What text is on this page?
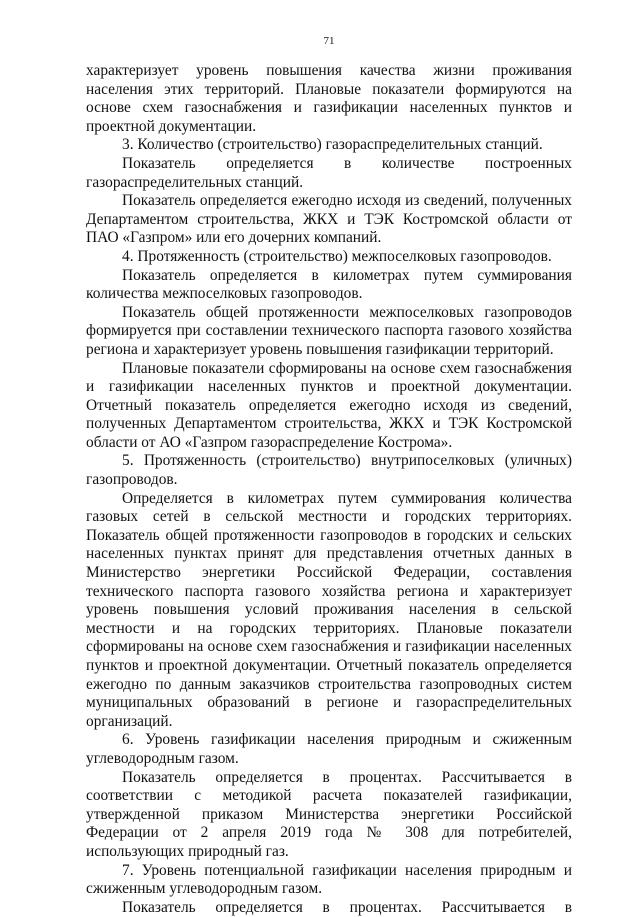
71

характеризует уровень повышения качества жизни проживания населения этих территорий. Плановые показатели формируются на основе схем газоснабжения и газификации населенных пунктов и проектной документации.

3. Количество (строительство) газораспределительных станций.

Показатель определяется в количестве построенных газораспределительных станций.

Показатель определяется ежегодно исходя из сведений, полученных Департаментом строительства, ЖКХ и ТЭК Костромской области от ПАО «Газпром» или его дочерних компаний.

4. Протяженность (строительство) межпоселковых газопроводов.

Показатель определяется в километрах путем суммирования количества межпоселковых газопроводов.

Показатель общей протяженности межпоселковых газопроводов формируется при составлении технического паспорта газового хозяйства региона и характеризует уровень повышения газификации территорий.

Плановые показатели сформированы на основе схем газоснабжения и газификации населенных пунктов и проектной документации. Отчетный показатель определяется ежегодно исходя из сведений, полученных Департаментом строительства, ЖКХ и ТЭК Костромской области от АО «Газпром газораспределение Кострома».

5. Протяженность (строительство) внутрипоселковых (уличных) газопроводов.

Определяется в километрах путем суммирования количества газовых сетей в сельской местности и городских территориях. Показатель общей протяженности газопроводов в городских и сельских населенных пунктах принят для представления отчетных данных в Министерство энергетики Российской Федерации, составления технического паспорта газового хозяйства региона и характеризует уровень повышения условий проживания населения в сельской местности и на городских территориях. Плановые показатели сформированы на основе схем газоснабжения и газификации населенных пунктов и проектной документации. Отчетный показатель определяется ежегодно по данным заказчиков строительства газопроводных систем муниципальных образований в регионе и газораспределительных организаций.

6. Уровень газификации населения природным и сжиженным углеводородным газом.

Показатель определяется в процентах. Рассчитывается в соответствии с методикой расчета показателей газификации, утвержденной приказом Министерства энергетики Российской Федерации от 2 апреля 2019 года № 308 для потребителей, использующих природный газ.

7. Уровень потенциальной газификации населения природным и сжиженным углеводородным газом.

Показатель определяется в процентах. Рассчитывается в
